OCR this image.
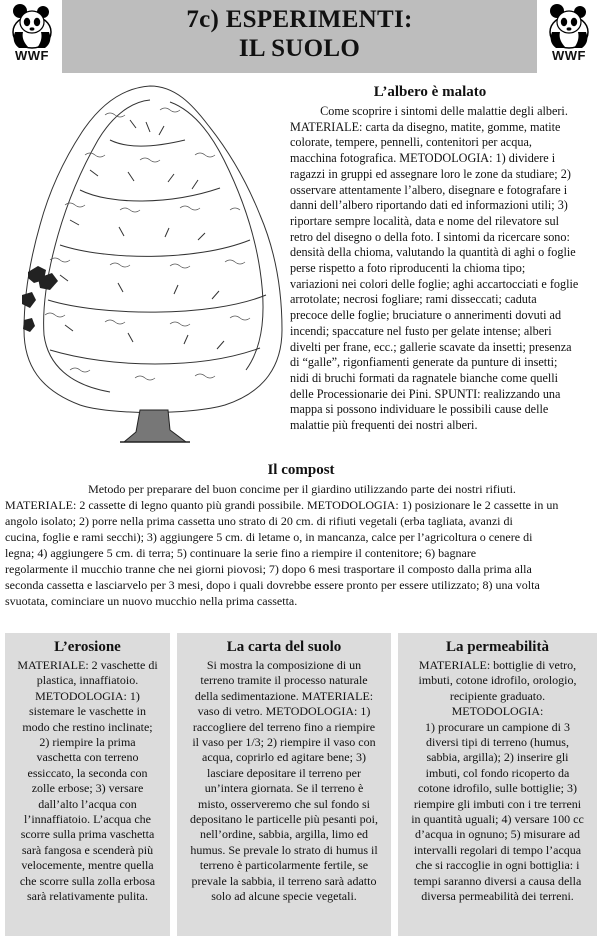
WWF	WWF
7c) ESPERIMENTI:
IL SUOLO
L’albero è malato
Come scoprire i sintomi delle malattie degli alberi.
MATERIALE: carta da disegno, matite, gomme, matite
colorate, tempere, pennelli, contenitori per acqua,
macchina fotografica. METODOLOGIA: 1) dividere i
ragazzi in gruppi ed assegnare loro le zone da studiare; 2)
osservare attentamente l’albero, disegnare e fotografare i
danni dell’albero riportando dati ed informazioni utili; 3)
riportare sempre località, data e nome del rilevatore sul
retro del disegno o della foto. I sintomi da ricercare sono:
densità della chioma, valutando la quantità di aghi o foglie
perse rispetto a foto riproducenti la chioma tipo;
variazioni nei colori delle foglie; aghi accartocciati e foglie
arrotolate; necrosi fogliare; rami disseccati; caduta
precoce delle foglie; bruciature o annerimenti dovuti ad
incendi; spaccature nel fusto per gelate intense; alberi
divelti per frane, ecc.; gallerie scavate da insetti; presenza
di “galle”, rigonfiamenti generate da punture di insetti;
nidi di bruchi formati da ragnatele bianche come quelli
delle Processionarie dei Pini. SPUNTI: realizzando una
mappa si possono individuare le possibili cause delle
malattie più frequenti dei nostri alberi.
Il compost
Metodo per preparare del buon concime per il giardino utilizzando parte dei nostri rifiuti.
MATERIALE: 2 cassette di legno quanto più grandi possibile. METODOLOGIA: 1) posizionare le 2 cassette in un
angolo isolato; 2) porre nella prima cassetta uno strato di 20 cm. di rifiuti vegetali (erba tagliata, avanzi di
cucina, foglie e rami secchi); 3) aggiungere 5 cm. di letame o, in mancanza, calce per l’agricoltura o cenere di
legna; 4) aggiungere 5 cm. di terra; 5) continuare la serie fino a riempire il contenitore; 6) bagnare
regolarmente il mucchio tranne che nei giorni piovosi; 7) dopo 6 mesi trasportare il composto dalla prima alla
seconda cassetta e lasciarvelo per 3 mesi, dopo i quali dovrebbe essere pronto per essere utilizzato; 8) una volta
svuotata, cominciare un nuovo mucchio nella prima cassetta.
L’erosione
MATERIALE: 2 vaschette di
plastica, innaffiatoio.
METODOLOGIA: 1)
sistemare le vaschette in
modo che restino inclinate;
2) riempire la prima
vaschetta con terreno
essiccato, la seconda con
zolle erbose; 3) versare
dall’alto l’acqua con
l’innaffiatoio. L’acqua che
scorre sulla prima vaschetta
sarà fangosa e scenderà più
velocemente, mentre quella
che scorre sulla zolla erbosa
sarà relativamente pulita.
La carta del suolo
Si mostra la composizione di un
terreno tramite il processo naturale
della sedimentazione. MATERIALE:
vaso di vetro. METODOLOGIA: 1)
raccogliere del terreno fino a riempire
il vaso per 1/3; 2) riempire il vaso con
acqua, coprirlo ed agitare bene; 3)
lasciare depositare il terreno per
un’intera giornata. Se il terreno è
misto, osserveremo che sul fondo si
depositano le particelle più pesanti poi,
nell’ordine, sabbia, argilla, limo ed
humus. Se prevale lo strato di humus il
terreno è particolarmente fertile, se
prevale la sabbia, il terreno sarà adatto
solo ad alcune specie vegetali.
La permeabilità
MATERIALE: bottiglie di vetro,
imbuti, cotone idrofilo, orologio,
recipiente graduato.
METODOLOGIA:
1) procurare un campione di 3
diversi tipi di terreno (humus,
sabbia, argilla); 2) inserire gli
imbuti, col fondo ricoperto da
cotone idrofilo, sulle bottiglie; 3)
riempire gli imbuti con i tre terreni
in quantità uguali; 4) versare 100 cc
d’acqua in ognuno; 5) misurare ad
intervalli regolari di tempo l’acqua
che si raccoglie in ogni bottiglia: i
tempi saranno diversi a causa della
diversa permeabilità dei terreni.
